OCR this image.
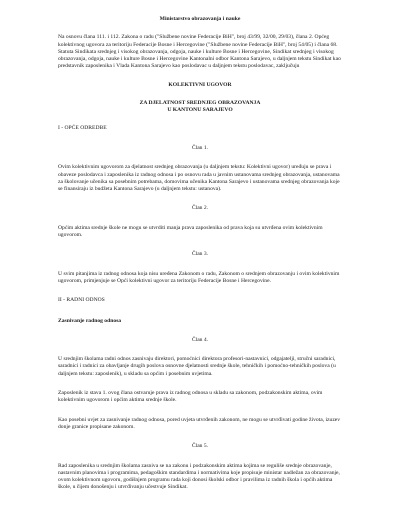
Ministarstvo obrazovanja i nauke

Na osnovu člana 111. i 112. Zakona o radu ("Službene novine Federacije BiH", broj 43/99, 32/00, 29/03), člana 2. Općeg kolektivnog ugovora za teritoriju Federacije Bosne i Hercegovine ("Službene novine Federacije BiH", broj 54/05) i člana 68. Statuta Sindikata srednjeg i visokog obrazovanja, odgoja, nauke i kulture Bosne i Hercegovine, Sindikat srednjeg i visokog obrazovanja, odgoja, nauke i kulture Bosne i Hercegovine Kantonalni odbor Kantona Sarajevo, u daljnjem tekstu Sindikat kao predstavnik zaposlenika i Vlada Kantona Sarajevo kao poslodavac u daljnjem tekstu poslodavac, zaključuju

KOLEKTIVNI UGOVOR

ZA DJELATNOST SREDNJEG OBRAZOVANJA

U KANTONU SARAJEVO

I - OPĆE ODREDBE

Član 1.

Ovim kolektivnim ugovorom za djelatnost srednjeg obrazovanja (u daljnjem tekstu: Kolektivni ugovor) uređuju se prava i obaveze poslodavca i zaposlenika iz radnog odnosa i po osnovu rada u javnim ustanovama srednjeg obrazovanja, ustanovama za školovanje učenika sa posebnim potrebama, domovima učenika Kantona Sarajevo i ustanovama srednjeg obrazovanja koje se finansiraju iz budžeta Kantona Sarajevo (u daljnjem tekstu: ustanova).

Član 2.

Općim aktima srednje škole ne mogu se utvrditi manja prava zaposlenika od prava koja su utvrđena ovim kolektivnim ugovorom.

Član 3.

U svim pitanjima iz radnog odnosa koja nisu uređena Zakonom o radu, Zakonom o srednjem obrazovanju i ovim kolektivnim ugovorom, primjenjuje se Opći kolektivni ugovor za teritoriju Federacije Bosne i Hercegovine.

II - RADNI ODNOS

Zasnivanje radnog odnosa

Član 4.

U srednjim školama radni odnos zasnivaju direktori, pomoćnici direktora profesori-nastavnici, odgajatelji, stručni saradnici, saradnici i radnici za obavljanje drugih poslova osnovne djelatnosti srednje škole, tehničkih i pomoćno-tehničkih poslova (u daljnjem tekstu: zaposlenik), u skladu sa općim i posebnim uvjetima.

Zaposlenik iz stava 1. ovog člana ostvaruje prava iz radnog odnosa u skladu sa zakonom, podzakonskim aktima, ovim kolektivnim ugovorom i općim aktima srednje škole.

Kao posebni uvjet za zasnivanje radnog odnosa, pored uvjeta utvrđenih zakonom, ne mogu se utvrđivati godine života, izuzev donje granice propisane zakonom.

Član 5.

Rad zaposlenika u srednjim školama zasniva se na zakonu i podzakonskim aktima kojima se reguliše srednje obrazovanje, nastavnim planovima i programima, pedagoškim standardima i normativima koje propisuje ministar nadležan za obrazovanje, ovom kolektivnom ugovoru, godišnjem programu rada koji donosi školski odbor i pravilima iz radnih škola i općih aktima škole, u čijem donošenju i utvrđivanju učestvuje Sindikat.
